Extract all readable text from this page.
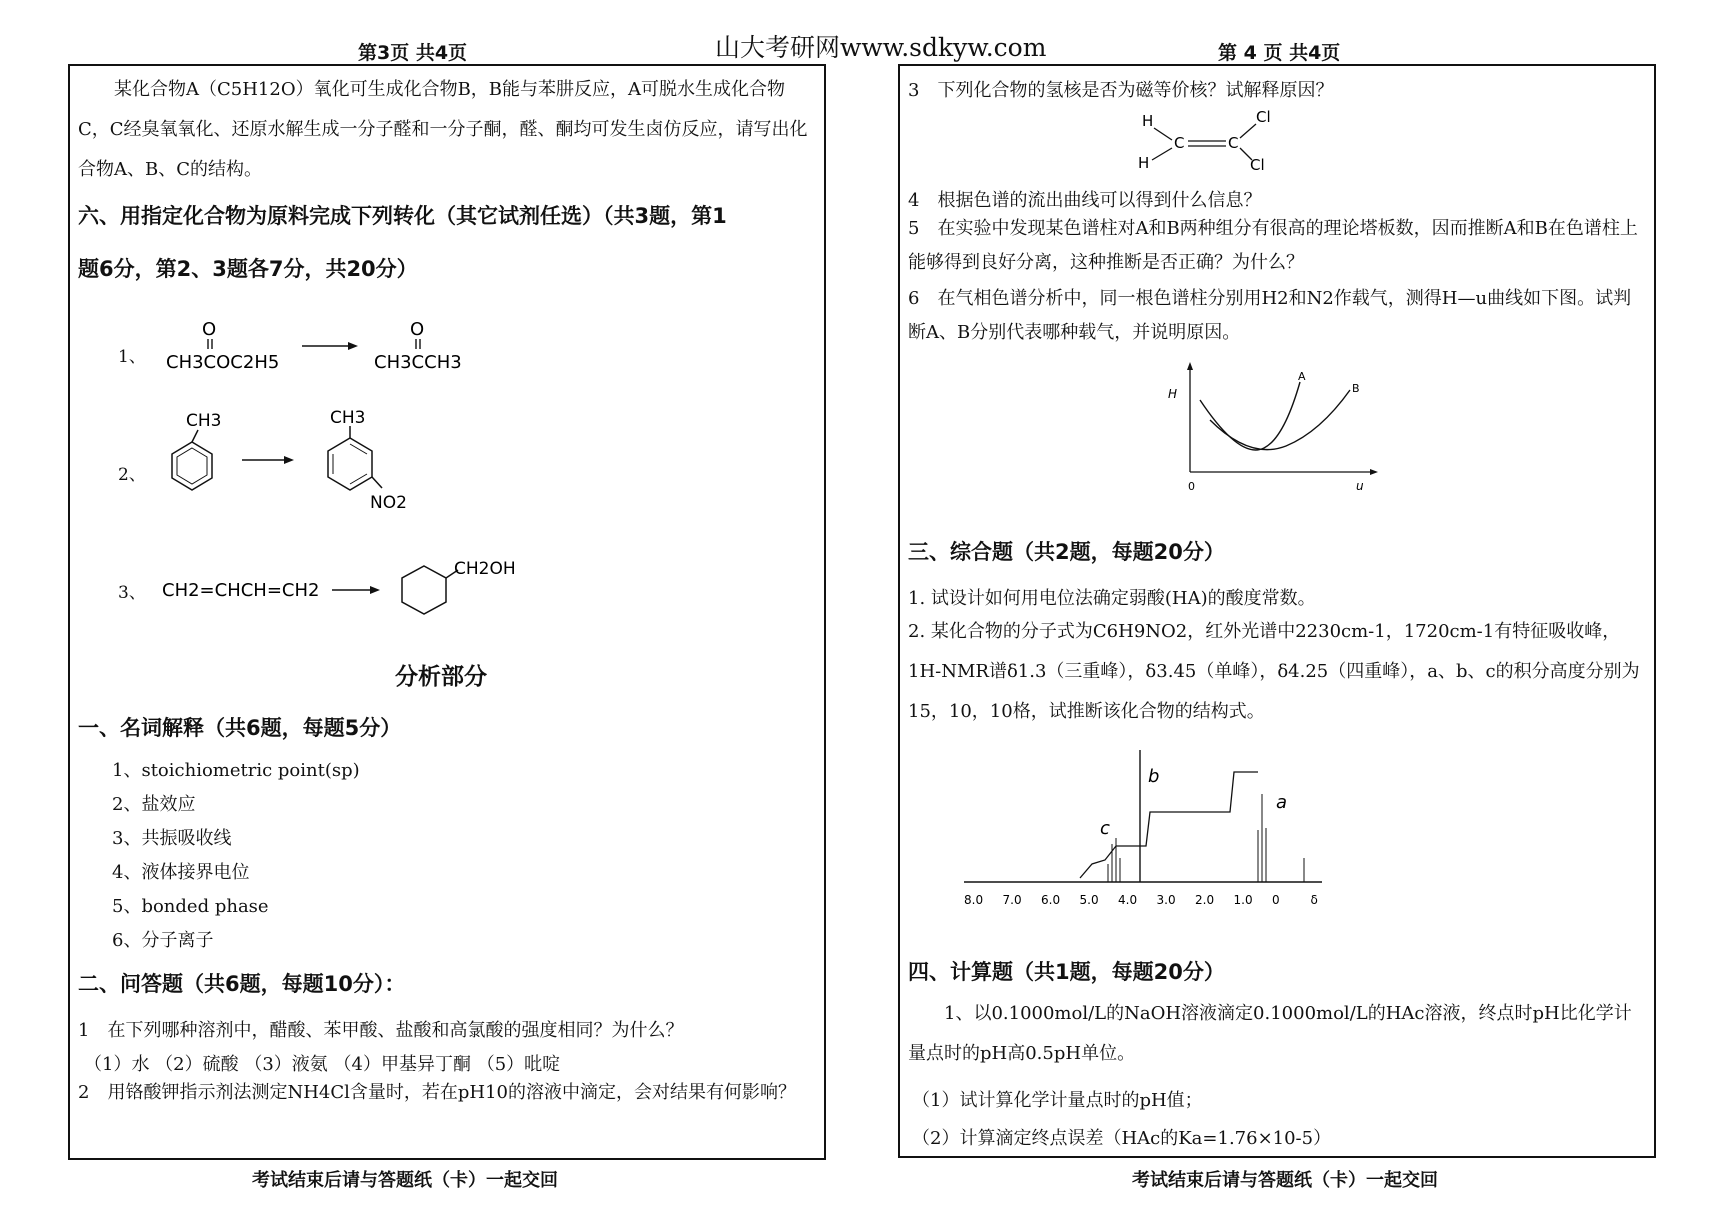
第3页 共4页	山大考研网www.sdkyw.com	第 4 页 共4页

某化合物A（C5H12O）氧化可生成化合物B，B能与苯肼反应，A可脱水生成化合物C，C经臭氧氧化、还原水解生成一分子醛和一分子酮，醛、酮均可发生卤仿反应，请写出化合物A、B、C的结构。

六、用指定化合物为原料完成下列转化（其它试剂任选）（共3题，第1

题6分，第2、3题各7分，共20分）

1、
O
CH3COC2H5
O
CH3CCH3
2、
CH3	CH3
NO2
3、 CH2=CHCH=CH2
CH2OH

分析部分

一、名词解释（共6题，每题5分）

1、stoichiometric point(sp)

2、盐效应

3、共振吸收线

4、液体接界电位

5、bonded phase

6、分子离子

二、问答题（共6题，每题10分）：

1　在下列哪种溶剂中，醋酸、苯甲酸、盐酸和高氯酸的强度相同？为什么？

（1）水 （2）硫酸 （3）液氨 （4）甲基异丁酮 （5）吡啶

2　用铬酸钾指示剂法测定NH4Cl含量时，若在pH10的溶液中滴定，会对结果有何影响？

3　下列化合物的氢核是否为磁等价核？试解释原因？

H
H
C	C
Cl
Cl

4　根据色谱的流出曲线可以得到什么信息？

5　在实验中发现某色谱柱对A和B两种组分有很高的理论塔板数，因而推断A和B在色谱柱上能够得到良好分离，这种推断是否正确？为什么？

6　在气相色谱分析中，同一根色谱柱分别用H2和N2作载气，测得H—u曲线如下图。试判断A、B分别代表哪种载气，并说明原因。

H
u
0
A
B

三、综合题（共2题，每题20分）

1. 试设计如何用电位法确定弱酸(HA)的酸度常数。

2. 某化合物的分子式为C6H9NO2，红外光谱中2230cm-1，1720cm-1有特征吸收峰，1H-NMR谱δ1.3（三重峰），δ3.45（单峰），δ4.25（四重峰），a、b、c的积分高度分别为15，10，10格，试推断该化合物的结构式。

b
a
c
8.0 7.0 6.0 5.0 4.0 3.0 2.0 1.0 0	δ

四、计算题（共1题，每题20分）

1、以0.1000mol/L的NaOH溶液滴定0.1000mol/L的HAc溶液，终点时pH比化学计量点时的pH高0.5pH单位。

（1）试计算化学计量点时的pH值；

（2）计算滴定终点误差（HAc的Ka=1.76×10-5）

考试结束后请与答题纸（卡）一起交回	考试结束后请与答题纸（卡）一起交回
